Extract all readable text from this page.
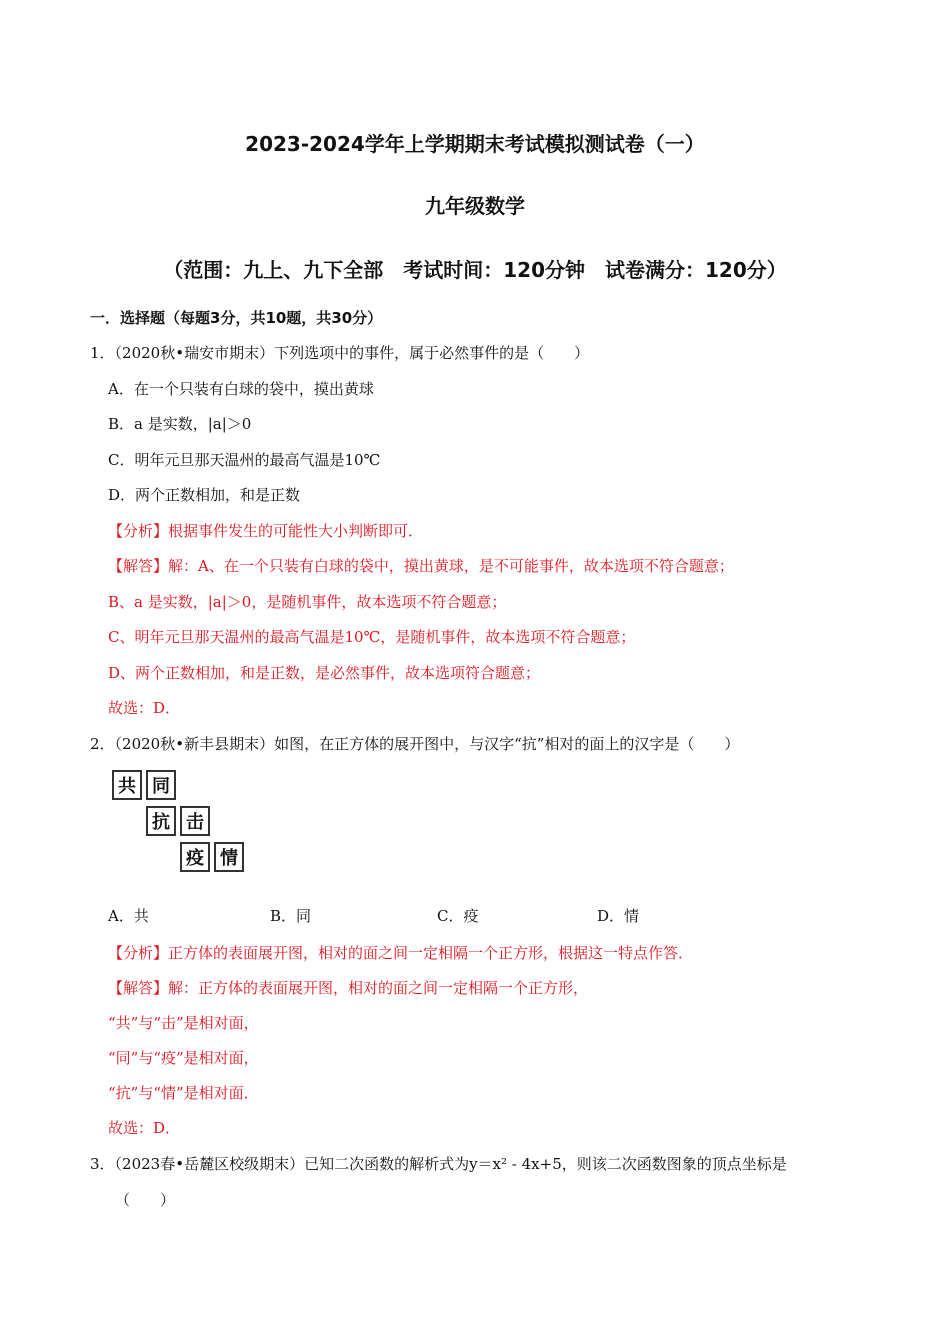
2023-2024学年上学期期末考试模拟测试卷（一）
九年级数学
（范围：九上、九下全部　考试时间：120分钟　试卷满分：120分）
一．选择题（每题3分，共10题，共30分）
1．（2020秋•瑞安市期末）下列选项中的事件，属于必然事件的是（　　）
A．在一个只装有白球的袋中，摸出黄球
B．a 是实数，|a|＞0
C．明年元旦那天温州的最高气温是10℃
D．两个正数相加，和是正数
【分析】根据事件发生的可能性大小判断即可．
【解答】解：A、在一个只装有白球的袋中，摸出黄球，是不可能事件，故本选项不符合题意；
B、a 是实数，|a|＞0，是随机事件，故本选项不符合题意；
C、明年元旦那天温州的最高气温是10℃，是随机事件，故本选项不符合题意；
D、两个正数相加，和是正数，是必然事件，故本选项符合题意；
故选：D．
2．（2020秋•新丰县期末）如图，在正方体的展开图中，与汉字“抗”相对的面上的汉字是（　　）
共 同
抗 击
疫 情
A．共	B．同	C．疫	D．情
【分析】正方体的表面展开图，相对的面之间一定相隔一个正方形，根据这一特点作答．
【解答】解：正方体的表面展开图，相对的面之间一定相隔一个正方形，
“共”与“击”是相对面，
“同”与“疫”是相对面，
“抗”与“情”是相对面．
故选：D．
3．（2023春•岳麓区校级期末）已知二次函数的解析式为y＝x² - 4x+5，则该二次函数图象的顶点坐标是
（　　）
